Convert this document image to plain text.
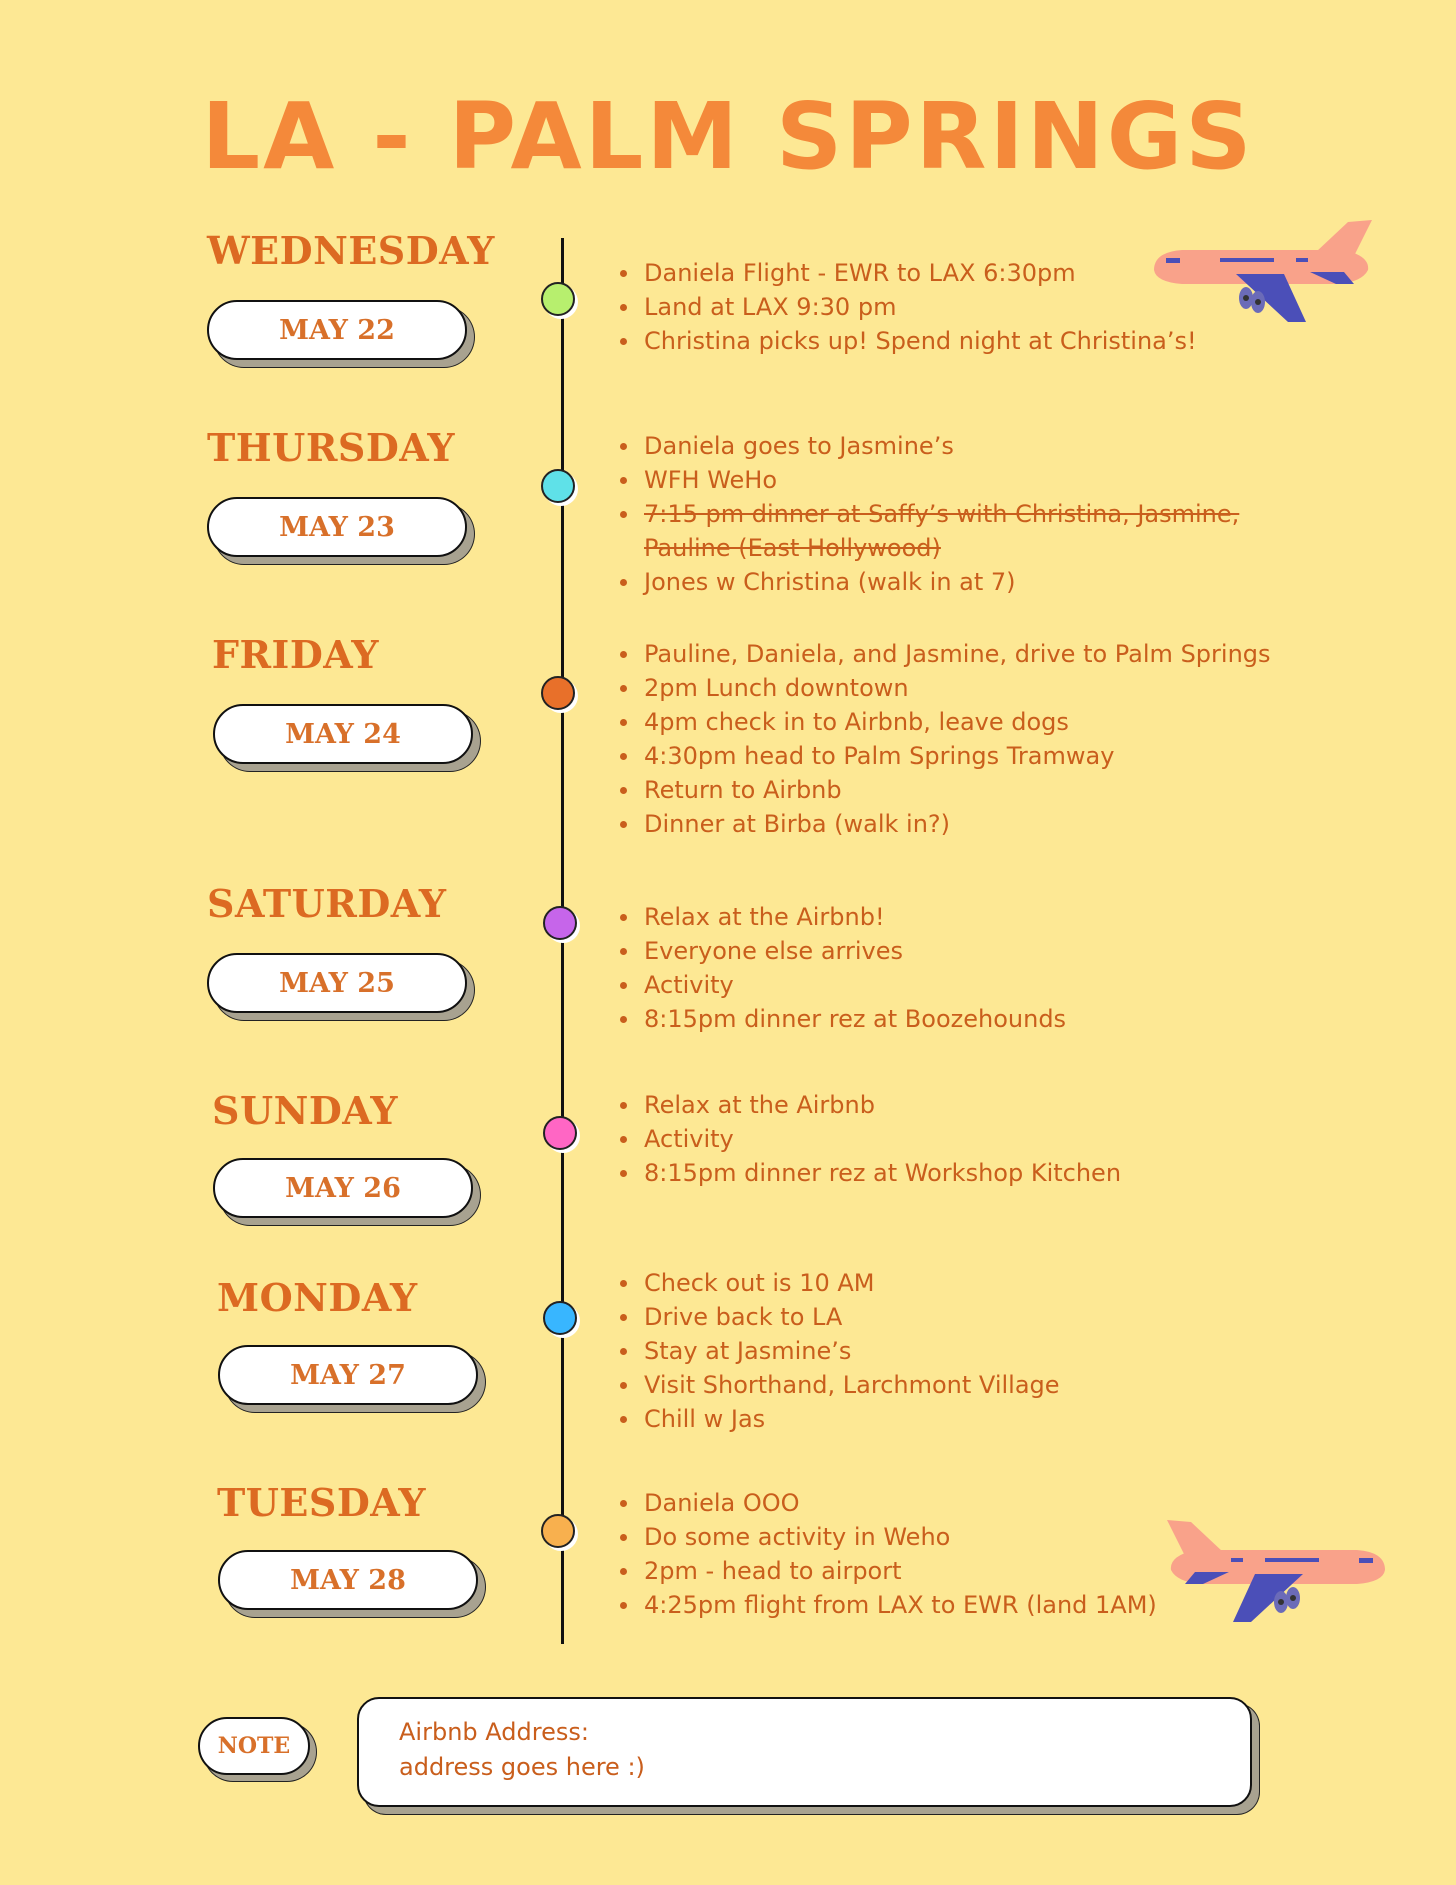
LA - PALM SPRINGS
WEDNESDAY
MAY 22
Daniela Flight - EWR to LAX 6:30pm
Land at LAX 9:30 pm
Christina picks up! Spend night at Christina’s!
THURSDAY
MAY 23
Daniela goes to Jasmine’s
WFH WeHo
7:15 pm dinner at Saffy’s with Christina, Jasmine, Pauline (East Hollywood)
Jones w Christina (walk in at 7)
FRIDAY
MAY 24
Pauline, Daniela, and Jasmine, drive to Palm Springs
2pm Lunch downtown
4pm check in to Airbnb, leave dogs
4:30pm head to Palm Springs Tramway
Return to Airbnb
Dinner at Birba (walk in?)
SATURDAY
MAY 25
Relax at the Airbnb!
Everyone else arrives
Activity
8:15pm dinner rez at Boozehounds
SUNDAY
MAY 26
Relax at the Airbnb
Activity
8:15pm dinner rez at Workshop Kitchen
MONDAY
MAY 27
Check out is 10 AM
Drive back to LA
Stay at Jasmine’s
Visit Shorthand, Larchmont Village
Chill w Jas
TUESDAY
MAY 28
Daniela OOO
Do some activity in Weho
2pm - head to airport
4:25pm flight from LAX to EWR (land 1AM)
NOTE	Airbnb Address:
address goes here :)
